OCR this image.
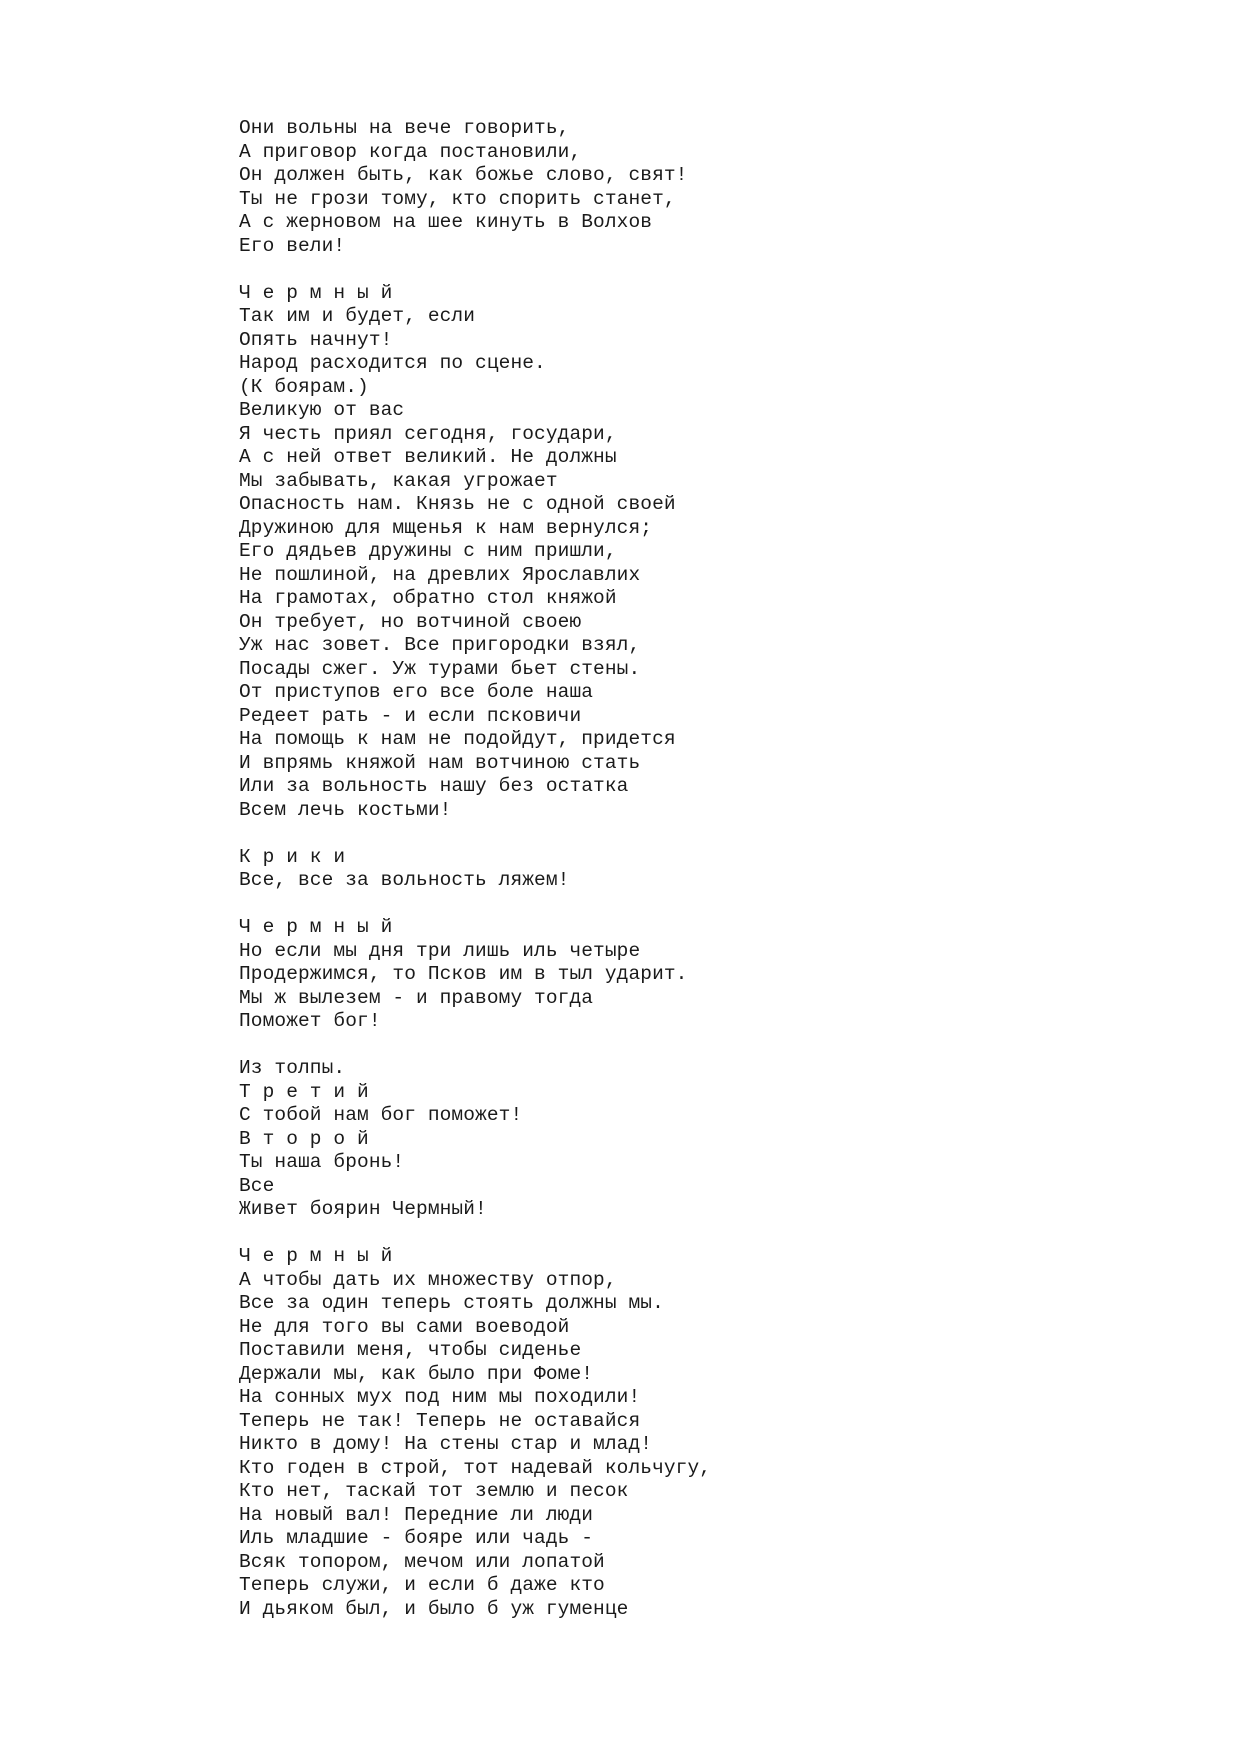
Они вольны на вече говорить,
А приговор когда постановили,
Он должен быть, как божье слово, свят!
Ты не грози тому, кто спорить станет,
А с жерновом на шее кинуть в Волхов
Его вели!
Ч е р м н ы й
Так им и будет, если
Опять начнут!
Народ расходится по сцене.
(К боярам.)
Великую от вас
Я честь приял сегодня, государи,
А с ней ответ великий. Не должны
Мы забывать, какая угрожает
Опасность нам. Князь не с одной своей
Дружиною для мщенья к нам вернулся;
Его дядьев дружины с ним пришли,
Не пошлиной, на древлих Ярославлих
На грамотах, обратно стол княжой
Он требует, но вотчиной своею
Уж нас зовет. Все пригородки взял,
Посады сжег. Уж турами бьет стены.
От приступов его все боле наша
Редеет рать - и если псковичи
На помощь к нам не подойдут, придется
И впрямь княжой нам вотчиною стать
Или за вольность нашу без остатка
Всем лечь костьми!
К р и к и
Все, все за вольность ляжем!
Ч е р м н ы й
Но если мы дня три лишь иль четыре
Продержимся, то Псков им в тыл ударит.
Мы ж вылезем - и правому тогда
Поможет бог!
Из толпы.
Т р е т и й
С тобой нам бог поможет!
В т о р о й
Ты наша бронь!
Все
Живет боярин Чермный!
Ч е р м н ы й
А чтобы дать их множеству отпор,
Все за один теперь стоять должны мы.
Не для того вы сами воеводой
Поставили меня, чтобы сиденье
Держали мы, как было при Фоме!
На сонных мух под ним мы походили!
Теперь не так! Теперь не оставайся
Никто в дому! На стены стар и млад!
Кто годен в строй, тот надевай кольчугу,
Кто нет, таскай тот землю и песок
На новый вал! Передние ли люди
Иль младшие - бояре или чадь -
Всяк топором, мечом или лопатой
Теперь служи, и если б даже кто
И дьяком был, и было б уж гуменце
